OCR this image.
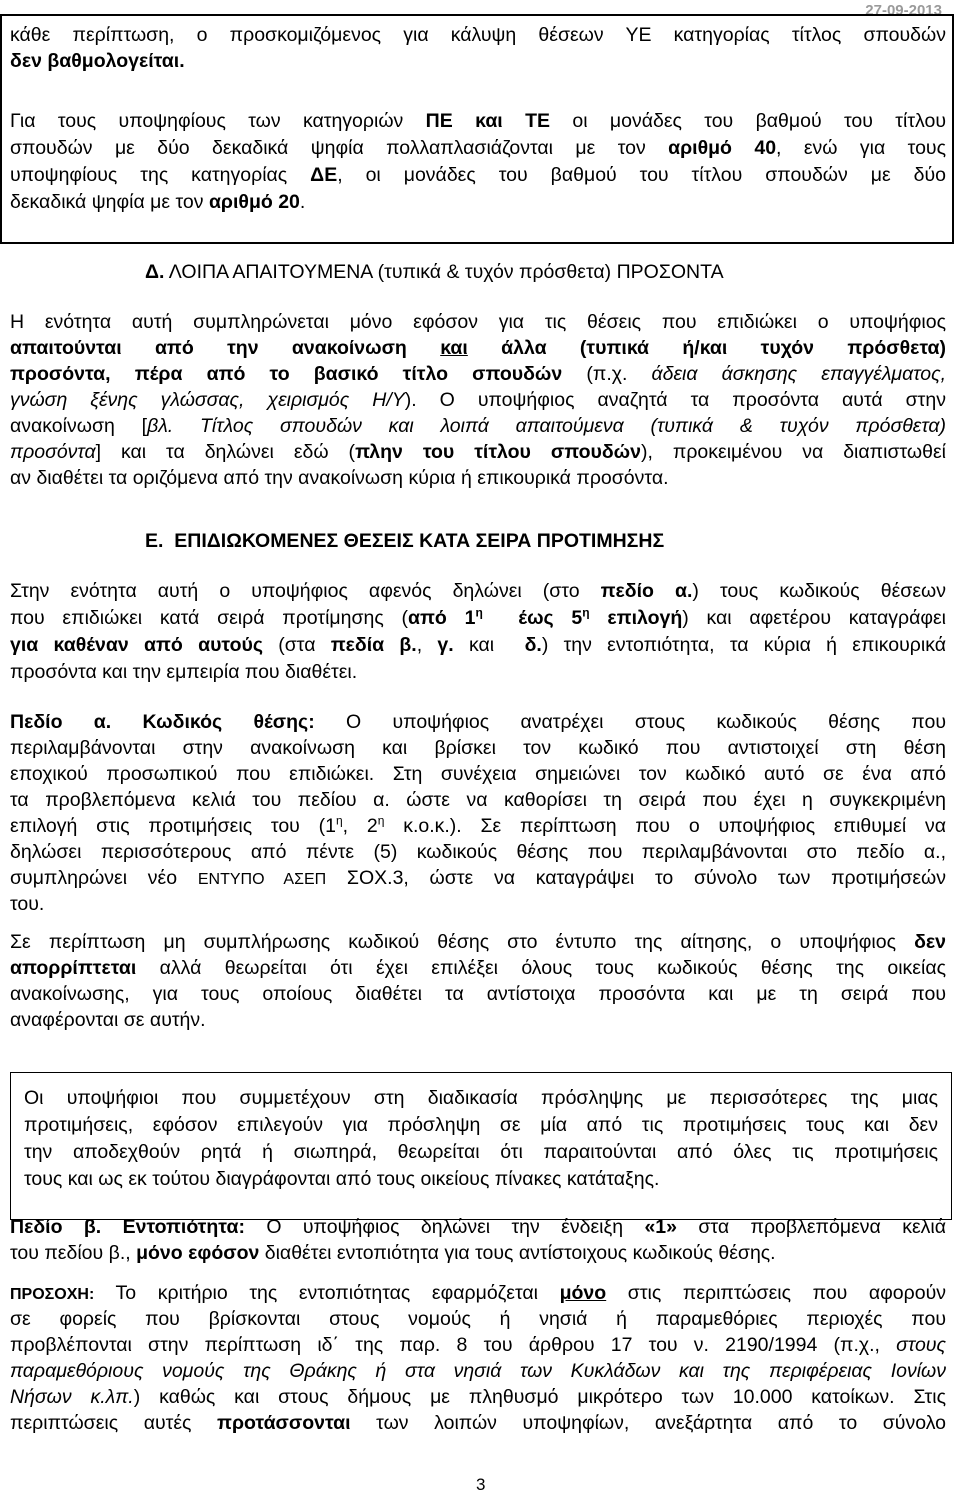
27-09-2013
κάθε περίπτωση, ο προσκομιζόμενος για κάλυψη θέσεων ΥΕ κατηγορίας τίτλος σπουδών
δεν βαθμολογείται.
Για τους υποψηφίους των κατηγοριών ΠΕ και ΤΕ οι μονάδες του βαθμού του τίτλου
σπουδών με δύο δεκαδικά ψηφία πολλαπλασιάζονται με τον αριθμό 40, ενώ για τους
υποψηφίους της κατηγορίας ΔΕ, οι μονάδες του βαθμού του τίτλου σπουδών με δύο
δεκαδικά ψηφία με τον αριθμό 20.
Δ. ΛΟΙΠΑ ΑΠΑΙΤΟΥΜΕΝΑ (τυπικά & τυχόν πρόσθετα) ΠΡΟΣΟΝΤΑ
Η ενότητα αυτή συμπληρώνεται μόνο εφόσον για τις θέσεις που επιδιώκει ο υποψήφιος
απαιτούνται από την ανακοίνωση και άλλα (τυπικά ή/και τυχόν πρόσθετα)
προσόντα, πέρα από το βασικό τίτλο σπουδών (π.χ. άδεια άσκησης επαγγέλματος,
γνώση ξένης γλώσσας, χειρισμός Η/Υ). Ο υποψήφιος αναζητά τα προσόντα αυτά στην
ανακοίνωση [βλ. Τίτλος σπουδών και λοιπά απαιτούμενα (τυπικά & τυχόν πρόσθετα)
προσόντα] και τα δηλώνει εδώ (πλην του τίτλου σπουδών), προκειμένου να διαπιστωθεί
αν διαθέτει τα οριζόμενα από την ανακοίνωση κύρια ή επικουρικά προσόντα.
Ε.  ΕΠΙΔΙΩΚΟΜΕΝΕΣ ΘΕΣΕΙΣ ΚΑΤΑ ΣΕΙΡΑ ΠΡΟΤΙΜΗΣΗΣ
Στην ενότητα αυτή ο υποψήφιος αφενός δηλώνει (στο πεδίο α.) τους κωδικούς θέσεων
που επιδιώκει κατά σειρά προτίμησης (από $1^\eta$  έως $5^\eta$ επιλογή) και αφετέρου καταγράφει
για καθέναν από αυτούς (στα πεδία β., γ. και  δ.) την εντοπιότητα, τα κύρια ή επικουρικά
προσόντα και την εμπειρία που διαθέτει.
Πεδίο α. Κωδικός θέσης: Ο υποψήφιος ανατρέχει στους κωδικούς θέσης που
περιλαμβάνονται στην ανακοίνωση και βρίσκει τον κωδικό που αντιστοιχεί στη θέση
εποχικού προσωπικού που επιδιώκει. Στη συνέχεια σημειώνει τον κωδικό αυτό σε ένα από
τα προβλεπόμενα κελιά του πεδίου α. ώστε να καθορίσει τη σειρά που έχει η συγκεκριμένη
επιλογή στις προτιμήσεις του ($1^\eta$, $2^\eta$ κ.ο.κ.). Σε περίπτωση που ο υποψήφιος επιθυμεί να
δηλώσει περισσότερους από πέντε (5) κωδικούς θέσης που περιλαμβάνονται στο πεδίο α.,
συμπληρώνει νέο ΕΝΤΥΠΟ ΑΣΕΠ ΣΟΧ.3, ώστε να καταγράψει το σύνολο των προτιμήσεών
του.
Σε περίπτωση μη συμπλήρωσης κωδικού θέσης στο έντυπο της αίτησης, ο υποψήφιος δεν
απορρίπτεται αλλά θεωρείται ότι έχει επιλέξει όλους τους κωδικούς θέσης της οικείας
ανακοίνωσης, για τους οποίους διαθέτει τα αντίστοιχα προσόντα και με τη σειρά που
αναφέρονται σε αυτήν.
Οι υποψήφιοι που συμμετέχουν στη διαδικασία πρόσληψης με περισσότερες της μιας
προτιμήσεις, εφόσον επιλεγούν για πρόσληψη σε μία από τις προτιμήσεις τους και δεν
την αποδεχθούν ρητά ή σιωπηρά, θεωρείται ότι παραιτούνται από όλες τις προτιμήσεις
τους και ως εκ τούτου διαγράφονται από τους οικείους πίνακες κατάταξης.
Πεδίο β. Εντοπιότητα: Ο υποψήφιος δηλώνει την ένδειξη «1» στα προβλεπόμενα κελιά
του πεδίου β., μόνο εφόσον διαθέτει εντοπιότητα για τους αντίστοιχους κωδικούς θέσης.
ΠΡΟΣΟΧΗ: Το κριτήριο της εντοπιότητας εφαρμόζεται μόνο στις περιπτώσεις που αφορούν
σε φορείς που βρίσκονται στους νομούς ή νησιά ή παραμεθόριες περιοχές που
προβλέπονται στην περίπτωση ιδ΄ της παρ. 8 του άρθρου 17 του ν. 2190/1994 (π.χ., στους
παραμεθόριους νομούς της Θράκης ή στα νησιά των Κυκλάδων και της περιφέρειας Ιονίων
Νήσων κ.λπ.) καθώς και στους δήμους με πληθυσμό μικρότερο των 10.000 κατοίκων. Στις
περιπτώσεις αυτές προτάσσονται των λοιπών υποψηφίων, ανεξάρτητα από το σύνολο
3
